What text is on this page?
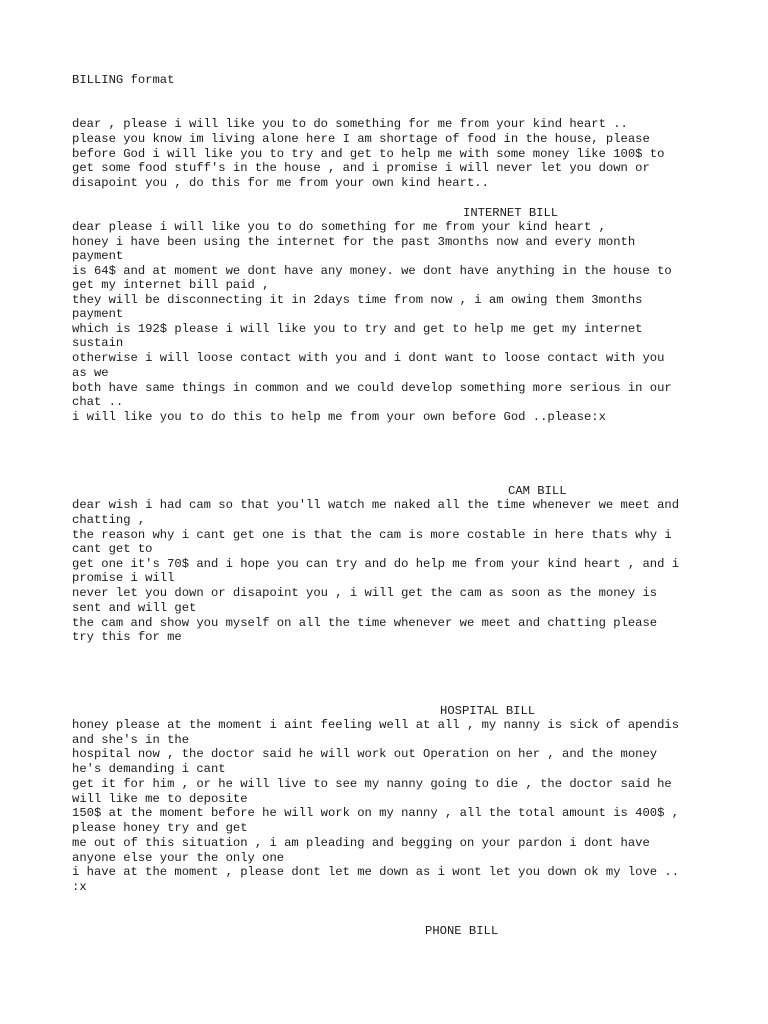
BILLING format
dear , please i will like you to do something for me from your kind heart ..
please you know im living alone here I am shortage of food in the house, please
before God i will like you to try and get to help me with some money like 100$ to
get some food stuff's in the house , and i promise i will never let you down or
disapoint you , do this for me from your own kind heart..
INTERNET BILL
dear please i will like you to do something for me from your kind heart ,
honey i have been using the internet for the past 3months now and every month
payment
is 64$ and at moment we dont have any money. we dont have anything in the house to
get my internet bill paid ,
they will be disconnecting it in 2days time from now , i am owing them 3months
payment
which is 192$ please i will like you to try and get to help me get my internet
sustain
otherwise i will loose contact with you and i dont want to loose contact with you
as we
both have same things in common and we could develop something more serious in our
chat ..
i will like you to do this to help me from your own before God ..please:x
CAM BILL
dear wish i had cam so that you'll watch me naked all the time whenever we meet and
chatting ,
the reason why i cant get one is that the cam is more costable in here thats why i
cant get to
get one it's 70$ and i hope you can try and do help me from your kind heart , and i
promise i will
never let you down or disapoint you , i will get the cam as soon as the money is
sent and will get
the cam and show you myself on all the time whenever we meet and chatting please
try this for me
HOSPITAL BILL
honey please at the moment i aint feeling well at all , my nanny is sick of apendis
and she's in the
hospital now , the doctor said he will work out Operation on her , and the money
he's demanding i cant
get it for him , or he will live to see my nanny going to die , the doctor said he
will like me to deposite
150$ at the moment before he will work on my nanny , all the total amount is 400$ ,
please honey try and get
me out of this situation , i am pleading and begging on your pardon i dont have
anyone else your the only one
i have at the moment , please dont let me down as i wont let you down ok my love ..
:x
PHONE BILL
